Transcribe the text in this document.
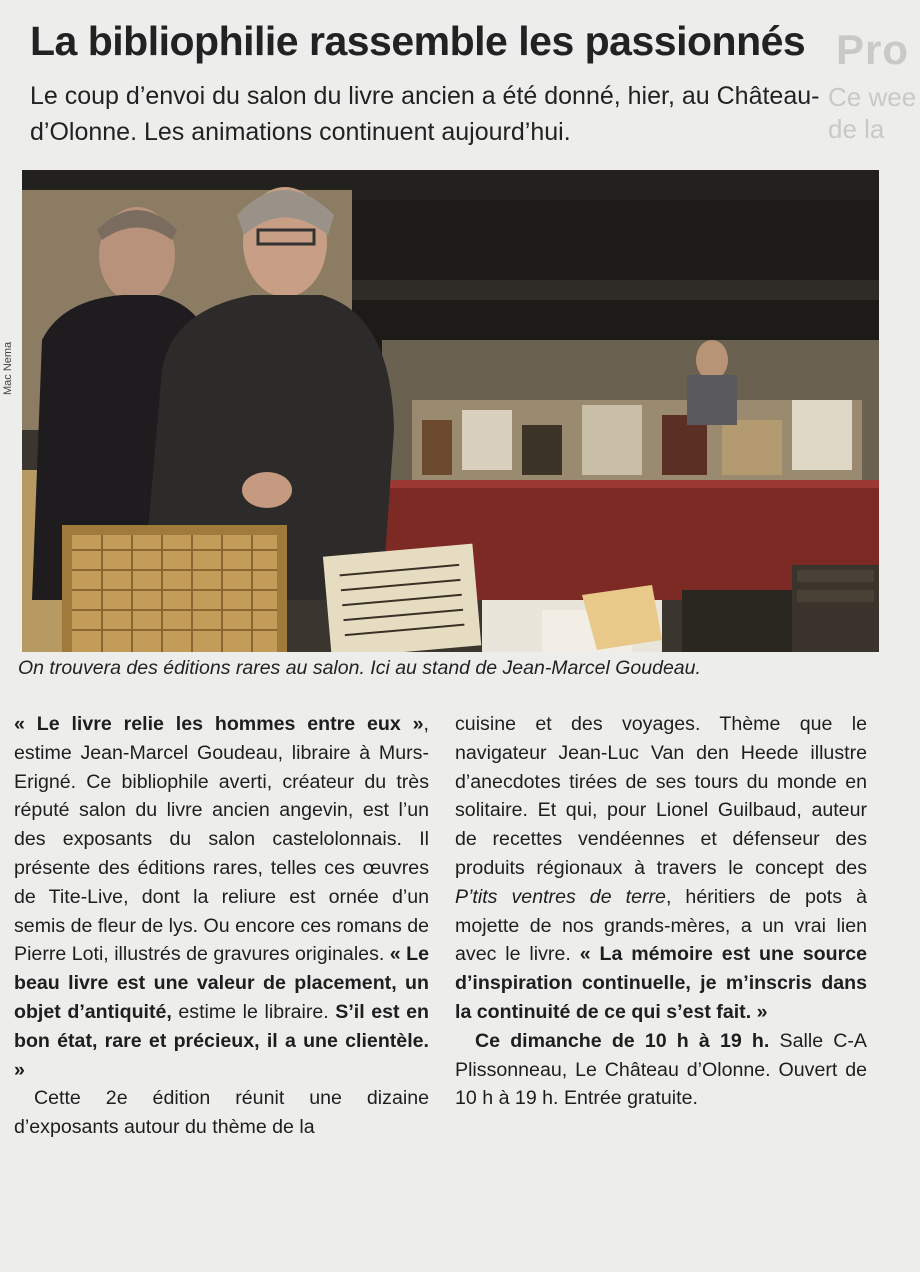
Pro
Ce wee
de la
La bibliophilie rassemble les passionnés
Le coup d’envoi du salon du livre ancien a été donné, hier, au Château-d’Olonne. Les animations continuent aujourd’hui.
Mac Nema
On trouvera des éditions rares au salon. Ici au stand de Jean-Marcel Goudeau.

« Le livre relie les hommes entre eux », estime Jean-Marcel Goudeau, libraire à Murs-Erigné. Ce bibliophile averti, créateur du très réputé salon du livre ancien angevin, est l’un des exposants du salon castelolonnais. Il présente des éditions rares, telles ces œuvres de Tite-Live, dont la reliure est ornée d’un semis de fleur de lys. Ou encore ces romans de Pierre Loti, illustrés de gravures originales. « Le beau livre est une valeur de placement, un objet d’antiquité, estime le libraire. S’il est en bon état, rare et précieux, il a une clientèle. »

Cette 2e édition réunit une dizaine d’exposants autour du thème de la

cuisine et des voyages. Thème que le navigateur Jean-Luc Van den Heede illustre d’anecdotes tirées de ses tours du monde en solitaire. Et qui, pour Lionel Guilbaud, auteur de recettes vendéennes et défenseur des produits régionaux à travers le concept des P’tits ventres de terre, héritiers de pots à mojette de nos grands-mères, a un vrai lien avec le livre. « La mémoire est une source d’inspiration continuelle, je m’inscris dans la continuité de ce qui s’est fait. »

Ce dimanche de 10 h à 19 h. Salle C-A Plissonneau, Le Château d’Olonne. Ouvert de 10 h à 19 h. Entrée gratuite.
